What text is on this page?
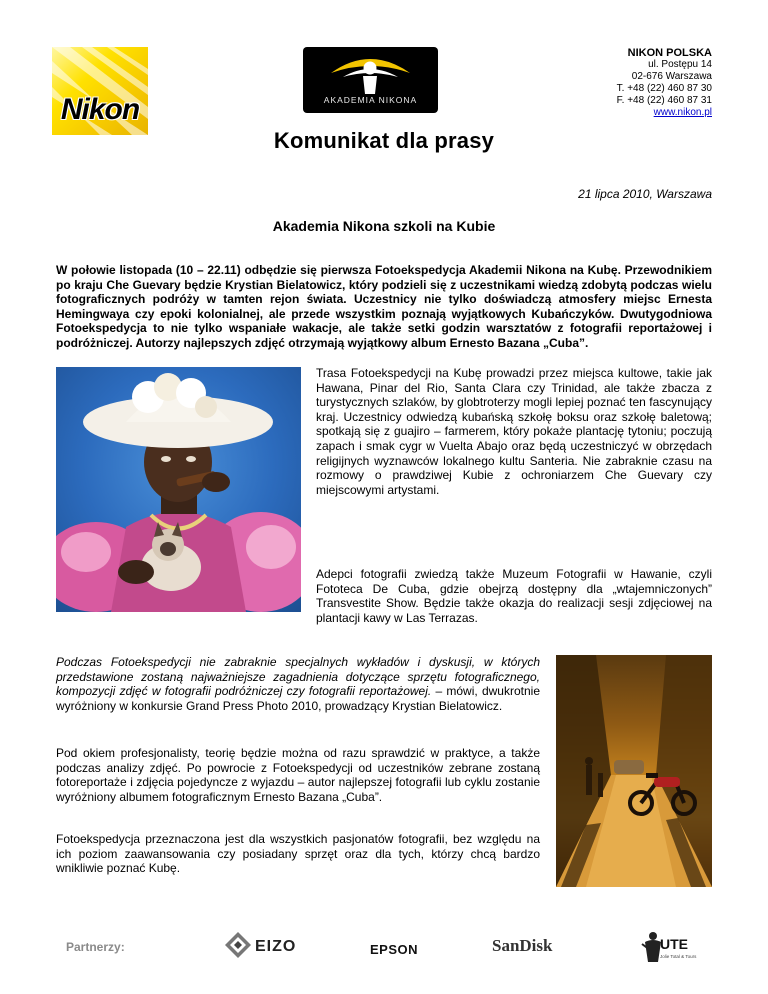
Nikon	AKADEMIA NIKONA
NIKON POLSKA
ul. Postępu 14
02-676 Warszawa
T. +48 (22) 460 87 30
F. +48 (22) 460 87 31
www.nikon.pl
Komunikat dla prasy
21 lipca 2010, Warszawa
Akademia Nikona szkoli na Kubie

W połowie listopada (10 – 22.11) odbędzie się pierwsza Fotoekspedycja Akademii Nikona na Kubę. Przewodnikiem po kraju Che Guevary będzie Krystian Bielatowicz, który podzieli się z uczestnikami wiedzą zdobytą podczas wielu fotograficznych podróży w tamten rejon świata. Uczestnicy nie tylko doświadczą atmosfery miejsc Ernesta Hemingwaya czy epoki kolonialnej, ale przede wszystkim poznają wyjątkowych Kubańczyków. Dwutygodniowa Fotoekspedycja to nie tylko wspaniałe wakacje, ale także setki godzin warsztatów z fotografii reportażowej i podróżniczej. Autorzy najlepszych zdjęć otrzymają wyjątkowy album Ernesto Bazana „Cuba”.

Trasa Fotoekspedycji na Kubę prowadzi przez miejsca kultowe, takie jak Hawana, Pinar del Rio, Santa Clara czy Trinidad, ale także zbacza z turystycznych szlaków, by globtroterzy mogli lepiej poznać ten fascynujący kraj. Uczestnicy odwiedzą kubańską szkołę boksu oraz szkołę baletową; spotkają się z guajiro – farmerem, który pokaże plantację tytoniu; poczują zapach i smak cygr w Vuelta Abajo oraz będą uczestniczyć w obrzędach religijnych wyznawców lokalnego kultu Santeria. Nie zabraknie czasu na rozmowy o prawdziwej Kubie z ochroniarzem Che Guevary czy miejscowymi artystami.

Adepci fotografii zwiedzą także Muzeum Fotografii w Hawanie, czyli Fototeca De Cuba, gdzie obejrzą dostępny dla „wtajemniczonych” Transvestite Show. Będzie także okazja do realizacji sesji zdjęciowej na plantacji kawy w Las Terrazas.

Podczas Fotoekspedycji nie zabraknie specjalnych wykładów i dyskusji, w których przedstawione zostaną najważniejsze zagadnienia dotyczące sprzętu fotograficznego, kompozycji zdjęć w fotografii podróżniczej czy fotografii reportażowej. – mówi, dwukrotnie wyróżniony w konkursie Grand Press Photo 2010, prowadzący Krystian Bielatowicz.

Pod okiem profesjonalisty, teorię będzie można od razu sprawdzić w praktyce, a także podczas analizy zdjęć. Po powrocie z Fotoekspedycji od uczestników zebrane zostaną fotoreportaże i zdjęcia pojedyncze z wyjazdu – autor najlepszej fotografii lub cyklu zostanie wyróżniony albumem fotograficznym Ernesto Bazana „Cuba”.

Fotoekspedycja przeznaczona jest dla wszystkich pasjonatów fotografii, bez względu na ich poziom zaawansowania czy posiadany sprzęt oraz dla tych, którzy chcą bardzo wnikliwie poznać Kubę.

Partnerzy:	EIZO	EPSON	SanDisk	UTE
Jolie Total & Tours
